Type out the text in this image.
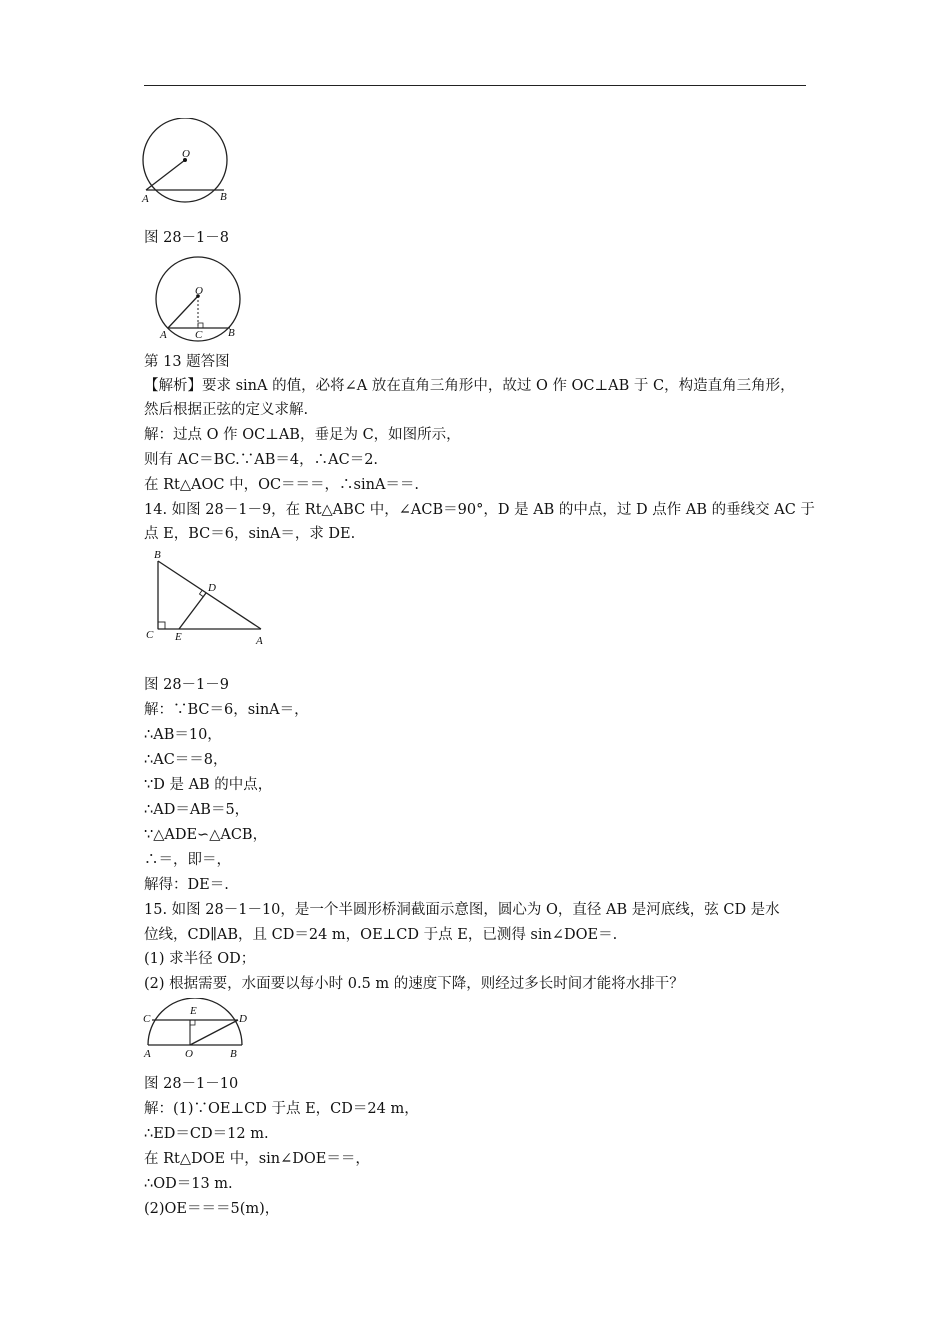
O
A	B
图 28－1－8
O
A	C B
第 13 题答图
【解析】要求 sinA 的值，必将∠A 放在直角三角形中，故过 O 作 OC⊥AB 于 C，构造直角三角形，
然后根据正弦的定义求解.
解：过点 O 作 OC⊥AB，垂足为 C，如图所示，
则有 AC＝BC.∵AB＝4，∴AC＝2.
在 Rt△AOC 中，OC＝＝＝，∴sinA＝＝.
14. 如图 28－1－9，在 Rt△ABC 中，∠ACB＝90°，D 是 AB 的中点，过 D 点作 AB 的垂线交 AC 于
点 E，BC＝6，sinA＝，求 DE.
B
D
C E	A
图 28－1－9
解：∵BC＝6，sinA＝，
∴AB＝10，
∴AC＝＝8，
∵D 是 AB 的中点，
∴AD＝AB＝5，
∵△ADE∽△ACB，
∴＝，即＝，
解得：DE＝.
15. 如图 28－1－10，是一个半圆形桥洞截面示意图，圆心为 O，直径 AB 是河底线，弦 CD 是水
位线，CD∥AB，且 CD＝24 m，OE⊥CD 于点 E，已测得 sin∠DOE＝.
(1) 求半径 OD；
(2) 根据需要，水面要以每小时 0.5 m 的速度下降，则经过多长时间才能将水排干？
C
E
D
A	O	B
图 28－1－10
解：(1)∵OE⊥CD 于点 E，CD＝24 m，
∴ED＝CD＝12 m.
在 Rt△DOE 中，sin∠DOE＝＝，
∴OD＝13 m.
(2)OE＝＝＝5(m)，
